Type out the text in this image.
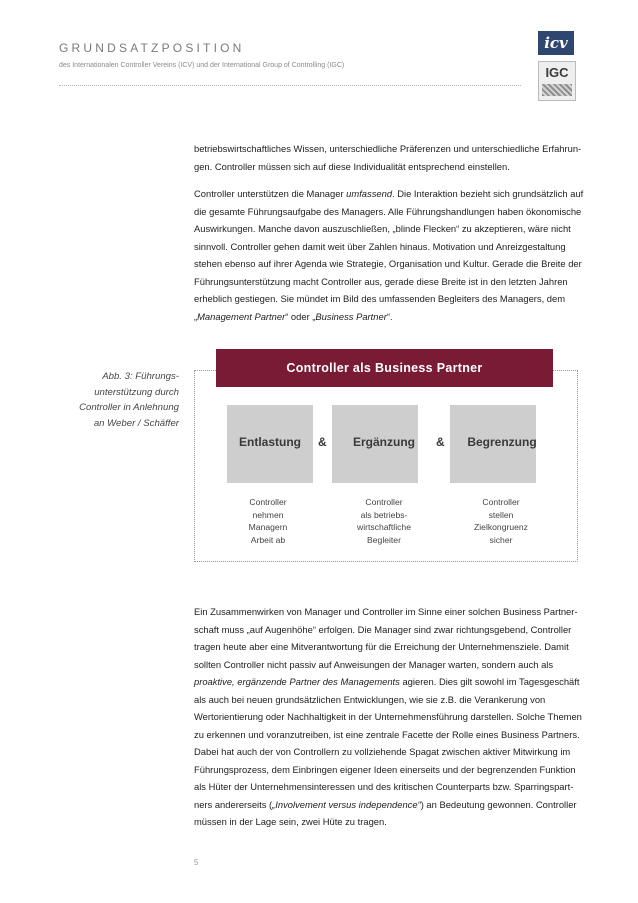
GRUNDSATZPOSITION
des Internationalen Controller Vereins (ICV) und der International Group of Controlling (IGC)
icv
IGC

betriebswirtschaftliches Wissen, unterschiedliche Präferenzen und unterschiedliche Erfahrun-

gen. Controller müssen sich auf diese Individualität entsprechend einstellen.

Controller unterstützen die Manager umfassend. Die Interaktion bezieht sich grundsätzlich auf

die gesamte Führungsaufgabe des Managers. Alle Führungshandlungen haben ökonomische

Auswirkungen. Manche davon auszuschließen, „blinde Flecken“ zu akzeptieren, wäre nicht

sinnvoll. Controller gehen damit weit über Zahlen hinaus. Motivation und Anreizgestaltung

stehen ebenso auf ihrer Agenda wie Strategie, Organisation und Kultur. Gerade die Breite der

Führungsunterstützung macht Controller aus, gerade diese Breite ist in den letzten Jahren

erheblich gestiegen. Sie mündet im Bild des umfassenden Begleiters des Managers, dem

„Management Partner“ oder „Business Partner“.

Abb. 3: Führungs-
unterstützung durch
Controller in Anlehnung
an Weber / Schäffer
Controller als Business Partner
Entlastung	&	Ergänzung	&	Begrenzung
Controller
nehmen
Managern
Arbeit ab
Controller
als betriebs-
wirtschaftliche
Begleiter
Controller
stellen
Zielkongruenz
sicher

Ein Zusammenwirken von Manager und Controller im Sinne einer solchen Business Partner-

schaft muss „auf Augenhöhe“ erfolgen. Die Manager sind zwar richtungsgebend, Controller

tragen heute aber eine Mitverantwortung für die Erreichung der Unternehmensziele. Damit

sollten Controller nicht passiv auf Anweisungen der Manager warten, sondern auch als

proaktive, ergänzende Partner des Managements agieren. Dies gilt sowohl im Tagesgeschäft

als auch bei neuen grundsätzlichen Entwicklungen, wie sie z.B. die Verankerung von

Wertorientierung oder Nachhaltigkeit in der Unternehmensführung darstellen. Solche Themen

zu erkennen und voranzutreiben, ist eine zentrale Facette der Rolle eines Business Partners.

Dabei hat auch der von Controllern zu vollziehende Spagat zwischen aktiver Mitwirkung im

Führungsprozess, dem Einbringen eigener Ideen einerseits und der begrenzenden Funktion

als Hüter der Unternehmensinteressen und des kritischen Counterparts bzw. Sparringspart-

ners andererseits („Involvement versus independence“) an Bedeutung gewonnen. Controller

müssen in der Lage sein, zwei Hüte zu tragen.

5
